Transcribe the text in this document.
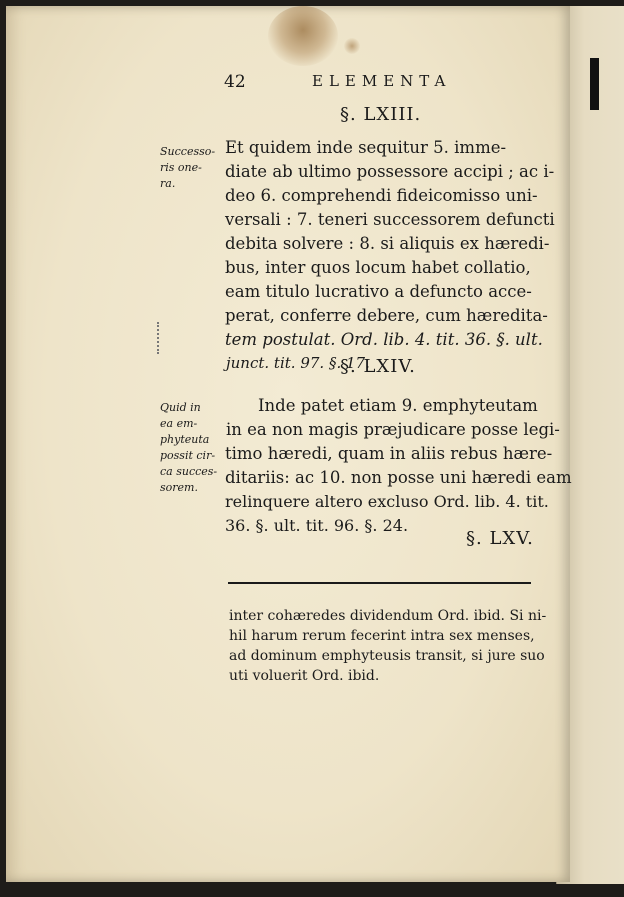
42	ELEMENTA
§. LXIII.
Successo-
ris one-
ra.
Et quidem inde sequitur 5. imme-
diate ab ultimo possessore accipi ; ac i-
deo 6. comprehendi fideicomisso uni-
versali : 7. teneri successorem defuncti
debita solvere : 8. si aliquis ex hæredi-
bus, inter quos locum habet collatio,
eam titulo lucrativo a defuncto acce-
perat, conferre debere, cum hæredita-
tem postulat. Ord. lib. 4. tit. 36. §. ult.
junct. tit. 97. §. 17.
§. LXIV.
Quid in
ea em-
phyteuta
possit cir-
ca succes-
sorem.
Inde patet etiam 9. emphyteutam
in ea non magis præjudicare posse legi-
timo hæredi, quam in aliis rebus hære-
ditariis: ac 10. non posse uni hæredi eam
relinquere altero excluso Ord. lib. 4. tit.
36. §. ult. tit. 96. §. 24.
§. LXV.
inter cohæredes dividendum Ord. ibid. Si ni-
hil harum rerum fecerint intra sex menses,
ad dominum emphyteusis transit, si jure suo
uti voluerit Ord. ibid.
